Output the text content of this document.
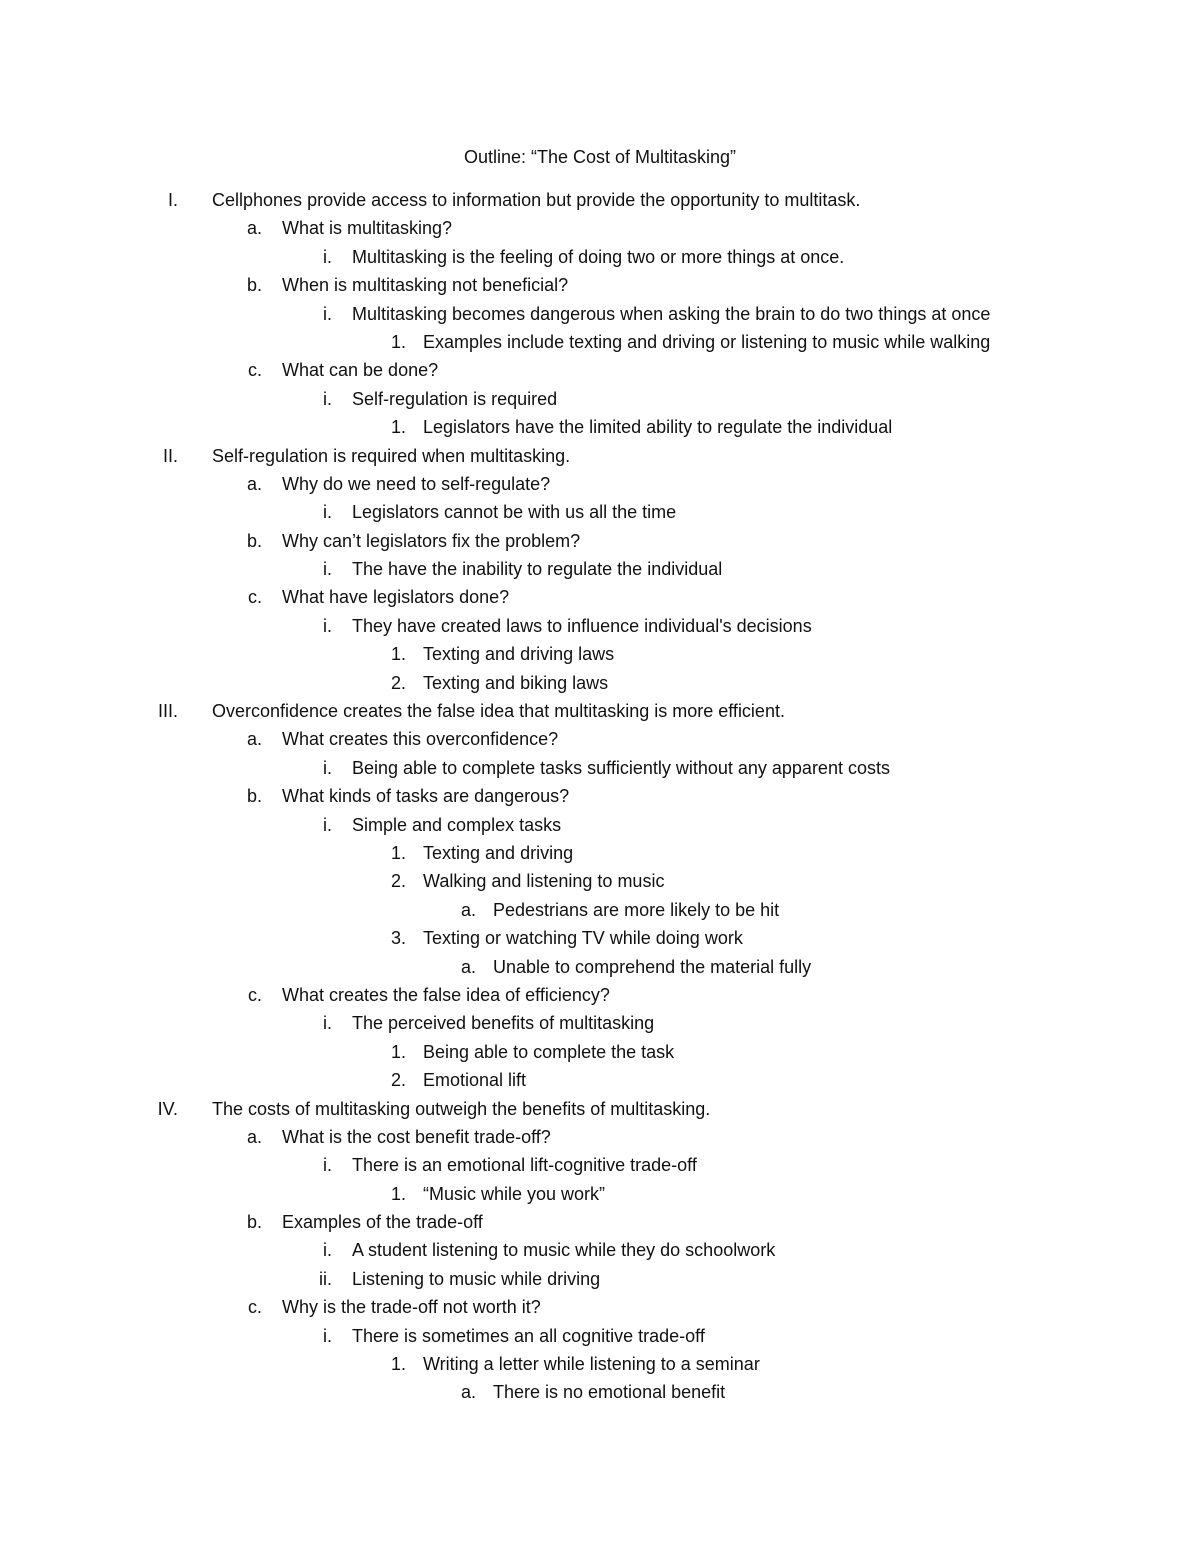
Outline: “The Cost of Multitasking”
I. Cellphones provide access to information but provide the opportunity to multitask.
a. What is multitasking?
i. Multitasking is the feeling of doing two or more things at once.
b. When is multitasking not beneficial?
i. Multitasking becomes dangerous when asking the brain to do two things at once
1. Examples include texting and driving or listening to music while walking
c. What can be done?
i. Self-regulation is required
1. Legislators have the limited ability to regulate the individual
II. Self-regulation is required when multitasking.
a. Why do we need to self-regulate?
i. Legislators cannot be with us all the time
b. Why can’t legislators fix the problem?
i. The have the inability to regulate the individual
c. What have legislators done?
i. They have created laws to influence individual's decisions
1. Texting and driving laws
2. Texting and biking laws
III. Overconfidence creates the false idea that multitasking is more efficient.
a. What creates this overconfidence?
i. Being able to complete tasks sufficiently without any apparent costs
b. What kinds of tasks are dangerous?
i. Simple and complex tasks
1. Texting and driving
2. Walking and listening to music
a. Pedestrians are more likely to be hit
3. Texting or watching TV while doing work
a. Unable to comprehend the material fully
c. What creates the false idea of efficiency?
i. The perceived benefits of multitasking
1. Being able to complete the task
2. Emotional lift
IV. The costs of multitasking outweigh the benefits of multitasking.
a. What is the cost benefit trade-off?
i. There is an emotional lift-cognitive trade-off
1. “Music while you work”
b. Examples of the trade-off
i. A student listening to music while they do schoolwork
ii. Listening to music while driving
c. Why is the trade-off not worth it?
i. There is sometimes an all cognitive trade-off
1. Writing a letter while listening to a seminar
a. There is no emotional benefit
